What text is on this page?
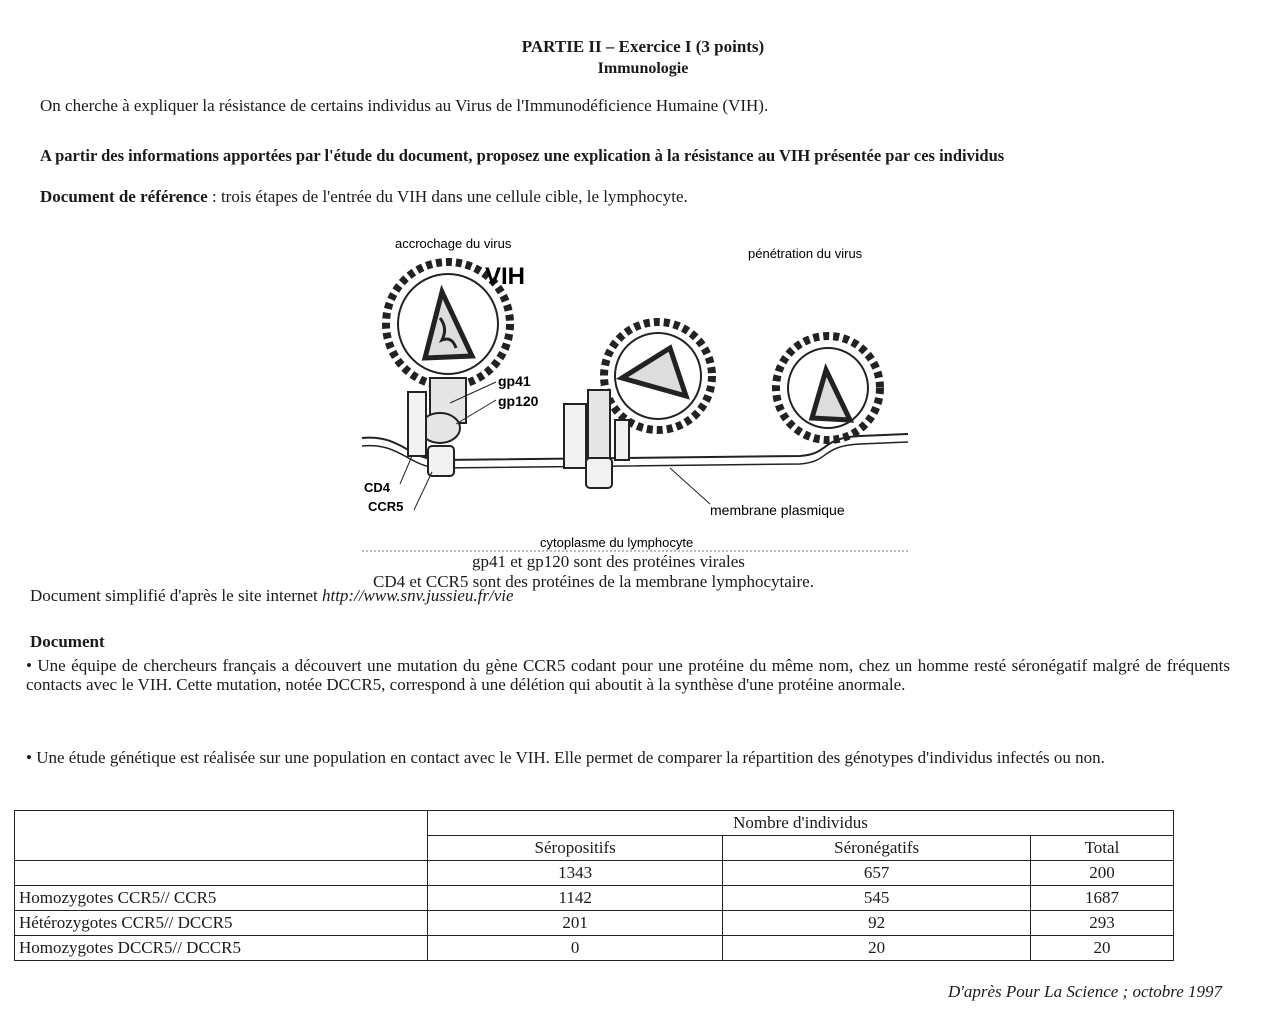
PARTIE II – Exercice I (3 points)
Immunologie
On cherche à expliquer la résistance de certains individus au Virus de l'Immunodéficience Humaine (VIH).
A partir des informations apportées par l'étude du document, proposez une explication à la résistance au VIH présentée par ces individus
Document de référence : trois étapes de l'entrée du VIH dans une cellule cible, le lymphocyte.
accrochage du virus
VIH
pénétration du virus
gp41
gp120
CD4
CCR5	membrane plasmique
cytoplasme du lymphocyte
gp41 et gp120 sont des protéines virales
CD4 et CCR5 sont des protéines de la membrane lymphocytaire.
Document simplifié d'après le site internet http://www.snv.jussieu.fr/vie
Document
• Une équipe de chercheurs français a découvert une mutation du gène CCR5 codant pour une protéine du même nom, chez un homme resté séronégatif malgré de fréquents contacts avec le VIH. Cette mutation, notée DCCR5, correspond à une délétion qui aboutit à la synthèse d'une protéine anormale.
• Une étude génétique est réalisée sur une population en contact avec le VIH. Elle permet de comparer la répartition des génotypes d'individus infectés ou non.
	Nombre d'individus		
	Séropositifs	Séronégatifs	Total
	1343	657	200
Homozygotes CCR5// CCR5	1142	545	1687
Hétérozygotes CCR5// DCCR5	201	92	293
Homozygotes DCCR5// DCCR5	0	20	20
D'après Pour La Science ; octobre 1997
